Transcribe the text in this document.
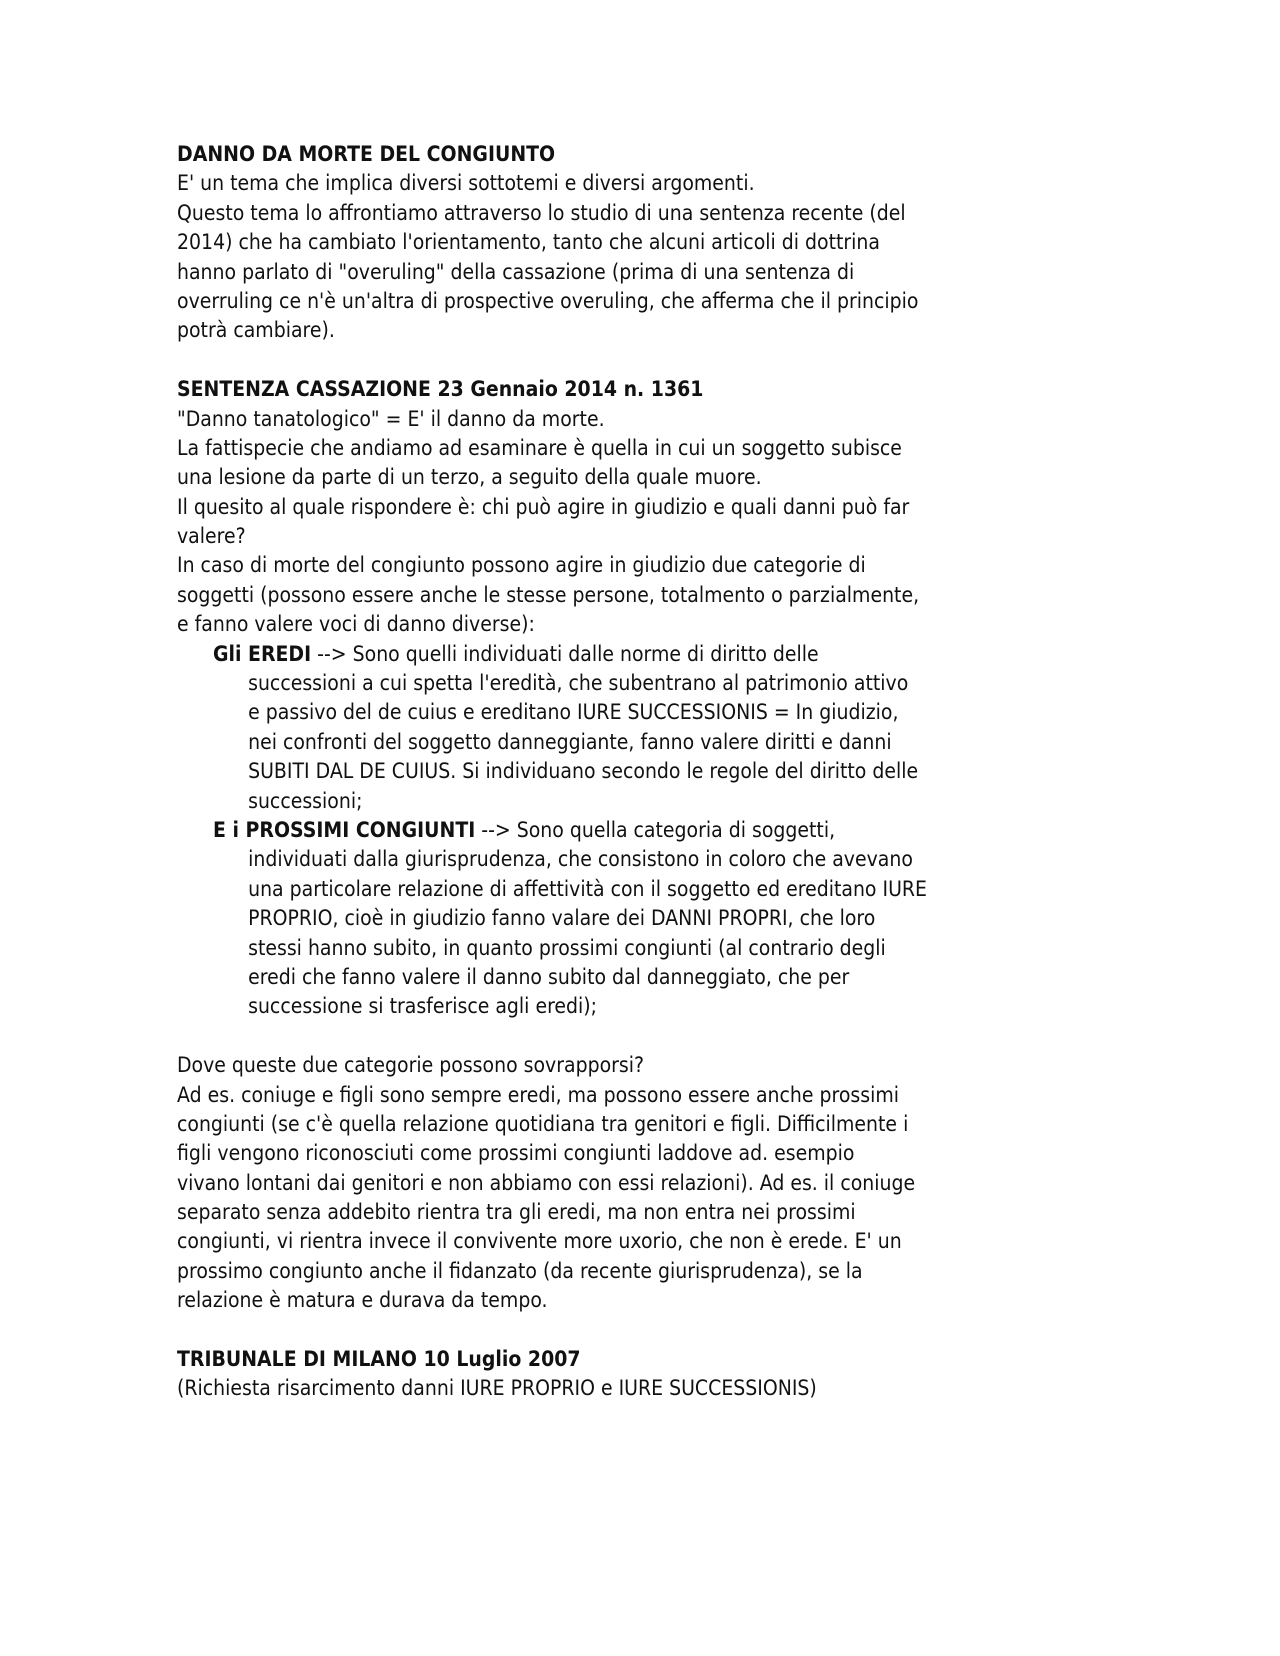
DANNO DA MORTE DEL CONGIUNTO
E' un tema che implica diversi sottotemi e diversi argomenti.
Questo tema lo affrontiamo attraverso lo studio di una sentenza recente (del
2014) che ha cambiato l'orientamento, tanto che alcuni articoli di dottrina
hanno parlato di "overuling" della cassazione (prima di una sentenza di
overruling ce n'è un'altra di prospective overuling, che afferma che il principio
potrà cambiare).
SENTENZA CASSAZIONE 23 Gennaio 2014 n. 1361
"Danno tanatologico" = E' il danno da morte.
La fattispecie che andiamo ad esaminare è quella in cui un soggetto subisce
una lesione da parte di un terzo, a seguito della quale muore.
Il quesito al quale rispondere è: chi può agire in giudizio e quali danni può far
valere?
In caso di morte del congiunto possono agire in giudizio due categorie di
soggetti (possono essere anche le stesse persone, totalmento o parzialmente,
e fanno valere voci di danno diverse):
Gli EREDI --> Sono quelli individuati dalle norme di diritto delle
successioni a cui spetta l'eredità, che subentrano al patrimonio attivo
e passivo del de cuius e ereditano IURE SUCCESSIONIS = In giudizio,
nei confronti del soggetto danneggiante, fanno valere diritti e danni
SUBITI DAL DE CUIUS. Si individuano secondo le regole del diritto delle
successioni;
E i PROSSIMI CONGIUNTI --> Sono quella categoria di soggetti,
individuati dalla giurisprudenza, che consistono in coloro che avevano
una particolare relazione di affettività con il soggetto ed ereditano IURE
PROPRIO, cioè in giudizio fanno valare dei DANNI PROPRI, che loro
stessi hanno subito, in quanto prossimi congiunti (al contrario degli
eredi che fanno valere il danno subito dal danneggiato, che per
successione si trasferisce agli eredi);
Dove queste due categorie possono sovrapporsi?
Ad es. coniuge e figli sono sempre eredi, ma possono essere anche prossimi
congiunti (se c'è quella relazione quotidiana tra genitori e figli. Difficilmente i
figli vengono riconosciuti come prossimi congiunti laddove ad. esempio
vivano lontani dai genitori e non abbiamo con essi relazioni). Ad es. il coniuge
separato senza addebito rientra tra gli eredi, ma non entra nei prossimi
congiunti, vi rientra invece il convivente more uxorio, che non è erede. E' un
prossimo congiunto anche il fidanzato (da recente giurisprudenza), se la
relazione è matura e durava da tempo.
TRIBUNALE DI MILANO 10 Luglio 2007
(Richiesta risarcimento danni IURE PROPRIO e IURE SUCCESSIONIS)
